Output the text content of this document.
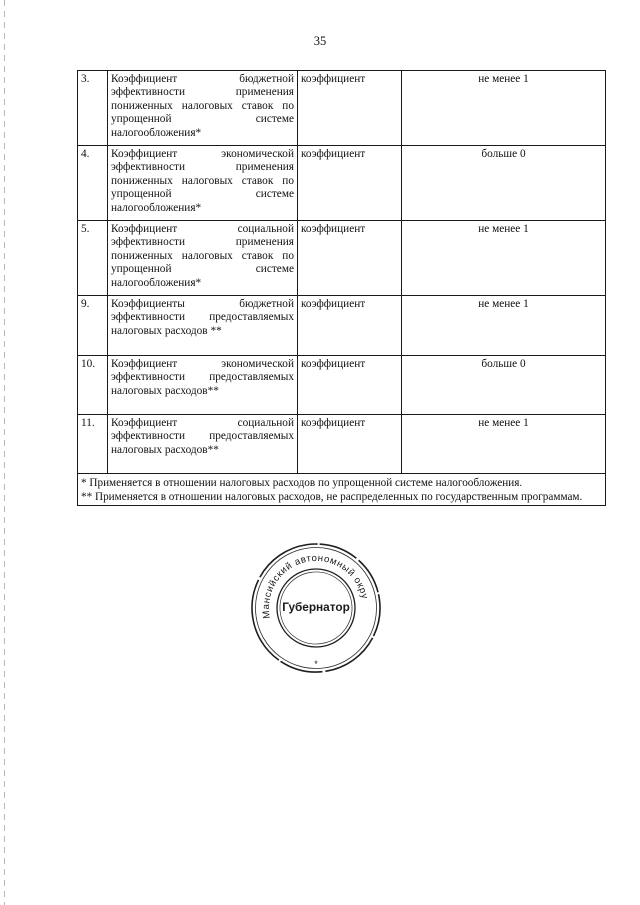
35
3.	Коэффициент бюджетной эффективности применения пониженных налоговых ставок по упрощенной системе налогообложения*	коэффициент	не менее 1
4.	Коэффициент экономической эффективности применения пониженных налоговых ставок по упрощенной системе налогообложения*	коэффициент	больше 0
5.	Коэффициент социальной эффективности применения пониженных налоговых ставок по упрощенной системе налогообложения*	коэффициент	не менее 1
9.	Коэффициенты бюджетной эффективности предоставляемых налоговых расходов **	коэффициент	не менее 1
10.	Коэффициент экономической эффективности предоставляемых налоговых расходов**	коэффициент	больше 0
11.	Коэффициент социальной эффективности предоставляемых налоговых расходов**	коэффициент	не менее 1

* Применяется в отношении налоговых расходов по упрощенной системе налогообложения.
** Применяется в отношении налоговых расходов, не распределенных по государственным программам.			
Ханты-Мансийский автономный округ
Губернатор
*
